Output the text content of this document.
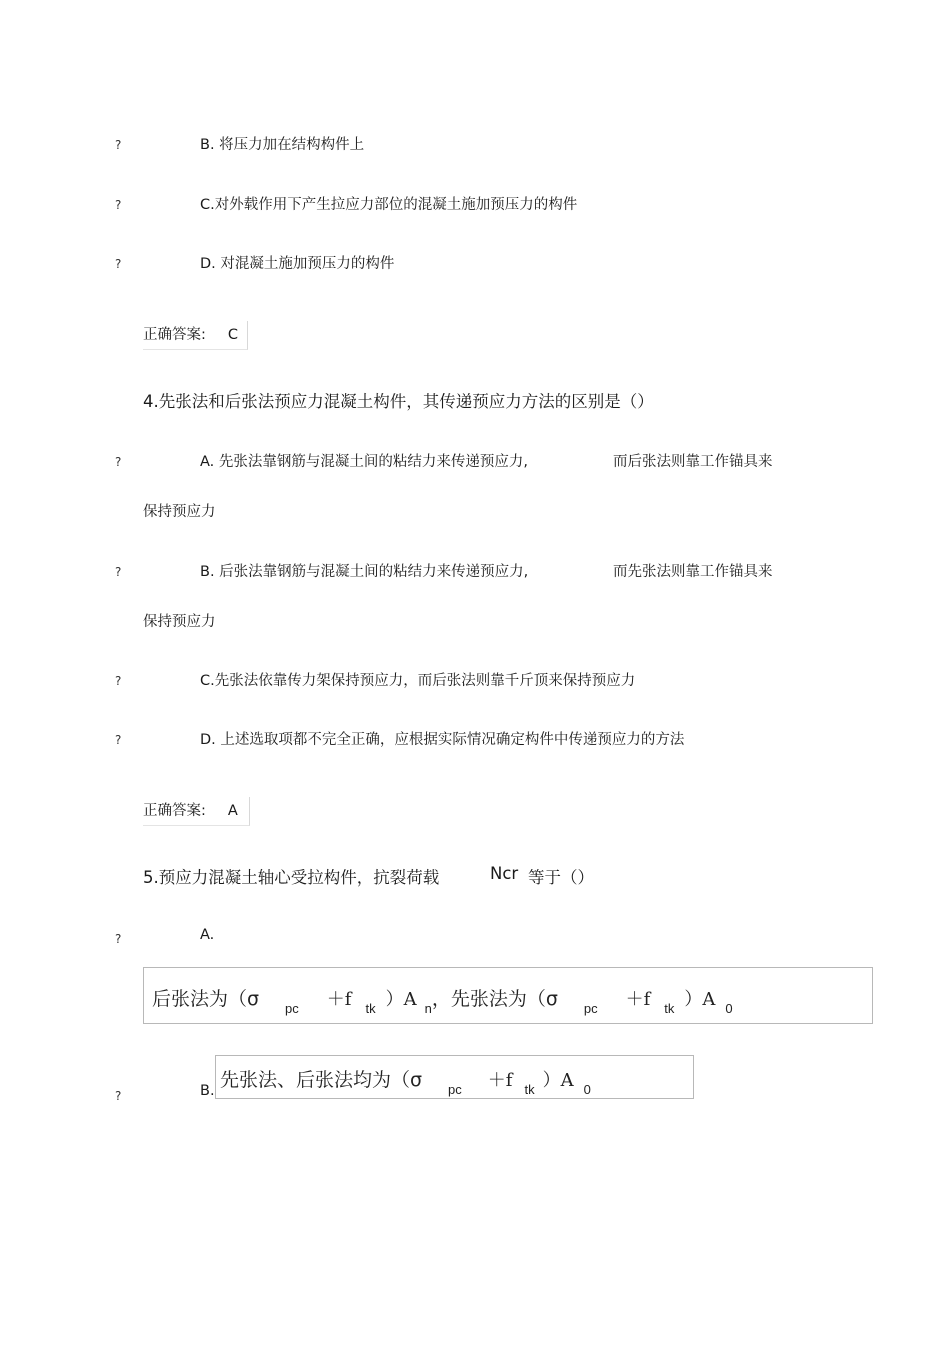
?	B. 将压力加在结构构件上
?	C.对外载作用下产生拉应力部位的混凝土施加预压力的构件
?	D. 对混凝土施加预压力的构件
正确答案: C
4.先张法和后张法预应力混凝土构件，其传递预应力方法的区别是（）
?	A. 先张法靠钢筋与混凝土间的粘结力来传递预应力,	而后张法则靠工作锚具来
保持预应力
?	B. 后张法靠钢筋与混凝土间的粘结力来传递预应力,	而先张法则靠工作锚具来
保持预应力
?	C.先张法依靠传力架保持预应力，而后张法则靠千斤顶来保持预应力
?	D. 上述选取项都不完全正确，应根据实际情况确定构件中传递预应力的方法
正确答案: A
5.预应力混凝土轴心受拉构件，抗裂荷载	Ncr 等于（）
?	A.
后张法为（σ $_{pc}$ ＋f $_{tk}$ ）A $_n$，先张法为（σ $_{pc}$ ＋f $_{tk}$ ）A $_0$
?	B. 先张法、后张法均为（σ $_{pc}$ ＋f $_{tk}$ ）A $_0$
